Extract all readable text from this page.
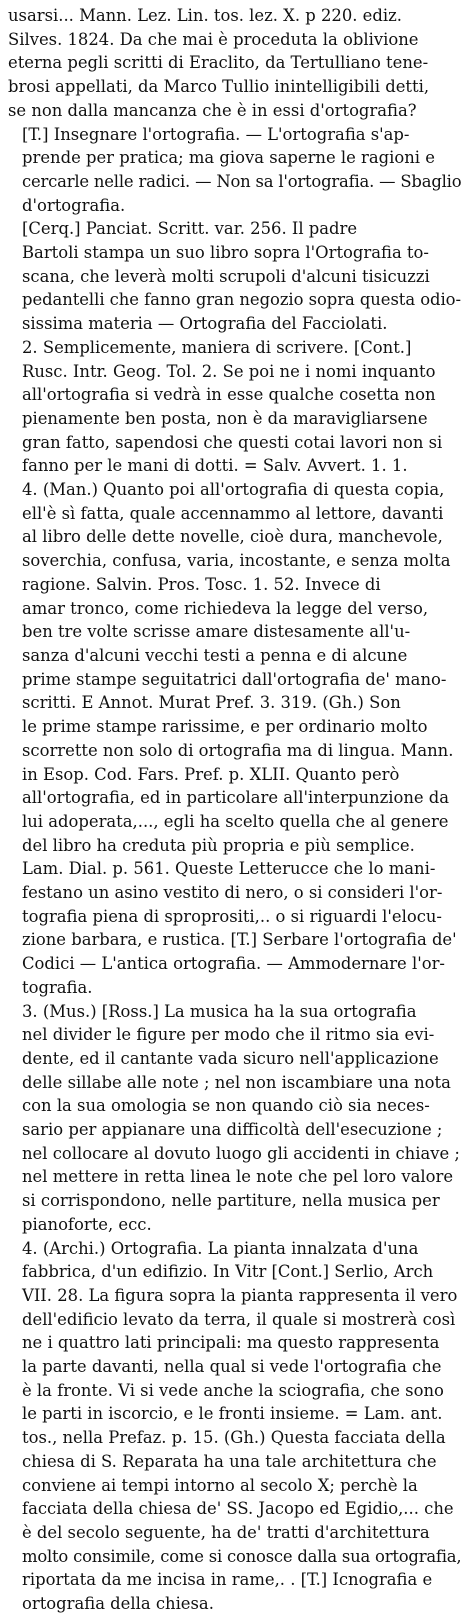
usarsi... Mann. Lez. Lin. tos. lez. X. p 220. ediz.
Silves. 1824. Da che mai è proceduta la oblivione
eterna pegli scritti di Eraclito, da Tertulliano tene-
brosi appellati, da Marco Tullio inintelligibili detti,
se non dalla mancanza che è in essi d'ortografia?
[T.] Insegnare l'ortografia. — L'ortografia s'ap-
prende per pratica; ma giova saperne le ragioni e
cercarle nelle radici. — Non sa l'ortografia. — Sbaglio
d'ortografia.
[Cerq.] Panciat. Scritt. var. 256. Il padre
Bartoli stampa un suo libro sopra l'Ortografia to-
scana, che leverà molti scrupoli d'alcuni tisicuzzi
pedantelli che fanno gran negozio sopra questa odio-
sissima materia — Ortografia del Facciolati.
2. Semplicemente, maniera di scrivere. [Cont.]
Rusc. Intr. Geog. Tol. 2. Se poi ne i nomi inquanto
all'ortografia si vedrà in esse qualche cosetta non
pienamente ben posta, non è da maravigliarsene
gran fatto, sapendosi che questi cotai lavori non si
fanno per le mani di dotti. = Salv. Avvert. 1. 1.
4. (Man.) Quanto poi all'ortografia di questa copia,
ell'è sì fatta, quale accennammo al lettore, davanti
al libro delle dette novelle, cioè dura, manchevole,
soverchia, confusa, varia, incostante, e senza molta
ragione. Salvin. Pros. Tosc. 1. 52. Invece di
amar tronco, come richiedeva la legge del verso,
ben tre volte scrisse amare distesamente all'u-
sanza d'alcuni vecchi testi a penna e di alcune
prime stampe seguitatrici dall'ortografia de' mano-
scritti. E Annot. Murat Pref. 3. 319. (Gh.) Son
le prime stampe rarissime, e per ordinario molto
scorrette non solo di ortografia ma di lingua. Mann.
in Esop. Cod. Fars. Pref. p. XLII. Quanto però
all'ortografia, ed in particolare all'interpunzione da
lui adoperata,..., egli ha scelto quella che al genere
del libro ha creduta più propria e più semplice.
Lam. Dial. p. 561. Queste Letterucce che lo mani-
festano un asino vestito di nero, o si consideri l'or-
tografia piena di sproprositi,.. o si riguardi l'elocu-
zione barbara, e rustica. [T.] Serbare l'ortografia de'
Codici — L'antica ortografia. — Ammodernare l'or-
tografia.
3. (Mus.) [Ross.] La musica ha la sua ortografia
nel divider le figure per modo che il ritmo sia evi-
dente, ed il cantante vada sicuro nell'applicazione
delle sillabe alle note ; nel non iscambiare una nota
con la sua omologia se non quando ciò sia neces-
sario per appianare una difficoltà dell'esecuzione ;
nel collocare al dovuto luogo gli accidenti in chiave ;
nel mettere in retta linea le note che pel loro valore
si corrispondono, nelle partiture, nella musica per
pianoforte, ecc.
4. (Archi.) Ortografia. La pianta innalzata d'una
fabbrica, d'un edifizio. In Vitr [Cont.] Serlio, Arch
VII. 28. La figura sopra la pianta rappresenta il vero
dell'edificio levato da terra, il quale si mostrerà così
ne i quattro lati principali: ma questo rappresenta
la parte davanti, nella qual si vede l'ortografia che
è la fronte. Vi si vede anche la sciografia, che sono
le parti in iscorcio, e le fronti insieme. = Lam. ant.
tos., nella Prefaz. p. 15. (Gh.) Questa facciata della
chiesa di S. Reparata ha una tale architettura che
conviene ai tempi intorno al secolo X; perchè la
facciata della chiesa de' SS. Jacopo ed Egidio,... che
è del secolo seguente, ha de' tratti d'architettura
molto consimile, come si conosce dalla sua ortografia,
riportata da me incisa in rame,. . [T.] Icnografia e
ortografia della chiesa.
